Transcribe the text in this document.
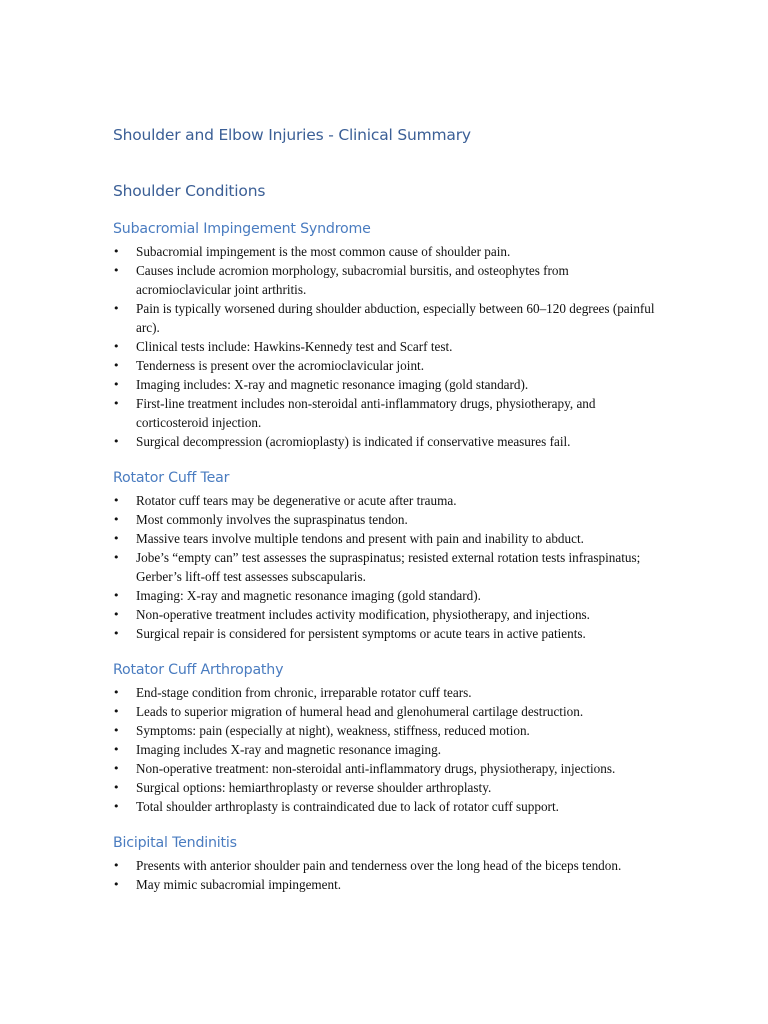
Shoulder and Elbow Injuries - Clinical Summary
Shoulder Conditions
Subacromial Impingement Syndrome
• Subacromial impingement is the most common cause of shoulder pain.
• Causes include acromion morphology, subacromial bursitis, and osteophytes from acromioclavicular joint arthritis.
• Pain is typically worsened during shoulder abduction, especially between 60–120 degrees (painful arc).
• Clinical tests include: Hawkins-Kennedy test and Scarf test.
• Tenderness is present over the acromioclavicular joint.
• Imaging includes: X-ray and magnetic resonance imaging (gold standard).
• First-line treatment includes non-steroidal anti-inflammatory drugs, physiotherapy, and corticosteroid injection.
• Surgical decompression (acromioplasty) is indicated if conservative measures fail.
Rotator Cuff Tear
• Rotator cuff tears may be degenerative or acute after trauma.
• Most commonly involves the supraspinatus tendon.
• Massive tears involve multiple tendons and present with pain and inability to abduct.
• Jobe’s “empty can” test assesses the supraspinatus; resisted external rotation tests infraspinatus; Gerber’s lift-off test assesses subscapularis.
• Imaging: X-ray and magnetic resonance imaging (gold standard).
• Non-operative treatment includes activity modification, physiotherapy, and injections.
• Surgical repair is considered for persistent symptoms or acute tears in active patients.
Rotator Cuff Arthropathy
• End-stage condition from chronic, irreparable rotator cuff tears.
• Leads to superior migration of humeral head and glenohumeral cartilage destruction.
• Symptoms: pain (especially at night), weakness, stiffness, reduced motion.
• Imaging includes X-ray and magnetic resonance imaging.
• Non-operative treatment: non-steroidal anti-inflammatory drugs, physiotherapy, injections.
• Surgical options: hemiarthroplasty or reverse shoulder arthroplasty.
• Total shoulder arthroplasty is contraindicated due to lack of rotator cuff support.
Bicipital Tendinitis
• Presents with anterior shoulder pain and tenderness over the long head of the biceps tendon.
• May mimic subacromial impingement.
